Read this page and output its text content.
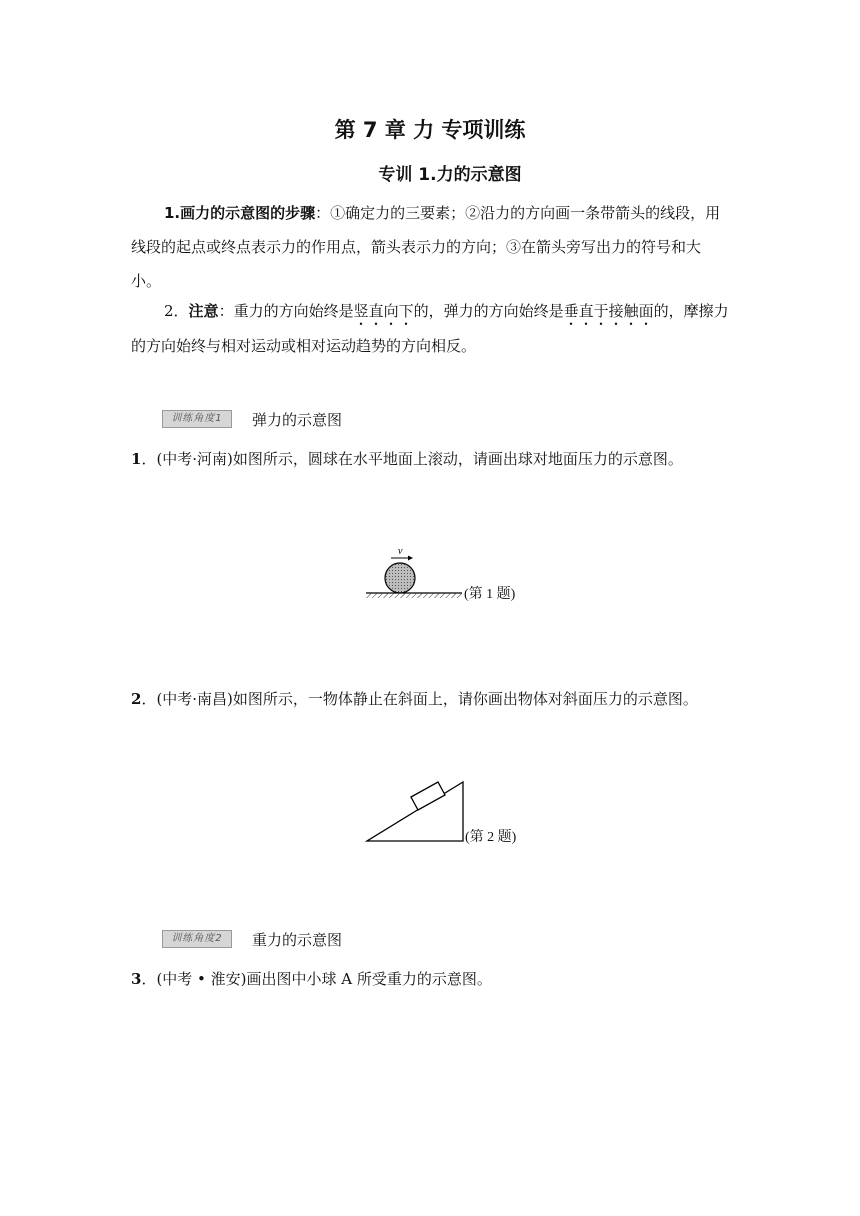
第 7 章 力 专项训练
专训 1.力的示意图
1.画力的示意图的步骤：①确定力的三要素；②沿力的方向画一条带箭头的线段，用线段的起点或终点表示力的作用点，箭头表示力的方向；③在箭头旁写出力的符号和大小。
2．注意：重力的方向始终是竖直向下的，弹力的方向始终是垂直于接触面的，摩擦力的方向始终与相对运动或相对运动趋势的方向相反。
训练角度1	弹力的示意图
1．(中考·河南)如图所示，圆球在水平地面上滚动，请画出球对地面压力的示意图。
v
(第 1 题)
2．(中考·南昌)如图所示，一物体静止在斜面上，请你画出物体对斜面压力的示意图。
(第 2 题)
训练角度2	重力的示意图
3．(中考 • 淮安)画出图中小球 A 所受重力的示意图。
